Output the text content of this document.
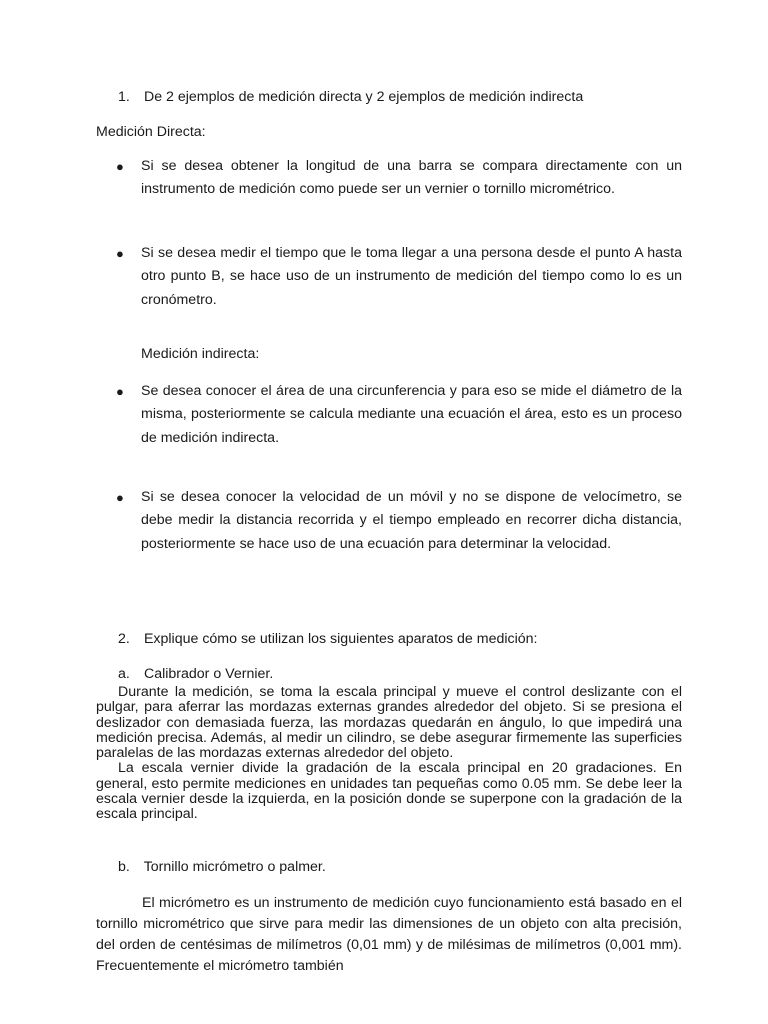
1. De 2 ejemplos de medición directa y 2 ejemplos de medición indirecta
Medición Directa:
● Si se desea obtener la longitud de una barra se compara directamente con un instrumento de medición como puede ser un vernier o tornillo micrométrico.
● Si se desea medir el tiempo que le toma llegar a una persona desde el punto A hasta otro punto B, se hace uso de un instrumento de medición del tiempo como lo es un cronómetro.
Medición indirecta:
● Se desea conocer el área de una circunferencia y para eso se mide el diámetro de la misma, posteriormente se calcula mediante una ecuación el área, esto es un proceso de medición indirecta.
● Si se desea conocer la velocidad de un móvil y no se dispone de velocímetro, se debe medir la distancia recorrida y el tiempo empleado en recorrer dicha distancia, posteriormente se hace uso de una ecuación para determinar la velocidad.
2. Explique cómo se utilizan los siguientes aparatos de medición:
a. Calibrador o Vernier.

Durante la medición, se toma la escala principal y mueve el control deslizante con el pulgar, para aferrar las mordazas externas grandes alrededor del objeto. Si se presiona el deslizador con demasiada fuerza, las mordazas quedarán en ángulo, lo que impedirá una medición precisa. Además, al medir un cilindro, se debe asegurar firmemente las superficies paralelas de las mordazas externas alrededor del objeto.

La escala vernier divide la gradación de la escala principal en 20 gradaciones. En general, esto permite mediciones en unidades tan pequeñas como 0.05 mm. Se debe leer la escala vernier desde la izquierda, en la posición donde se superpone con la gradación de la escala principal.

b. Tornillo micrómetro o palmer.

El micrómetro es un instrumento de medición cuyo funcionamiento está basado en el tornillo micrométrico que sirve para medir las dimensiones de un objeto con alta precisión, del orden de centésimas de milímetros (0,01 mm) y de milésimas de milímetros (0,001 mm). Frecuentemente el micrómetro también
